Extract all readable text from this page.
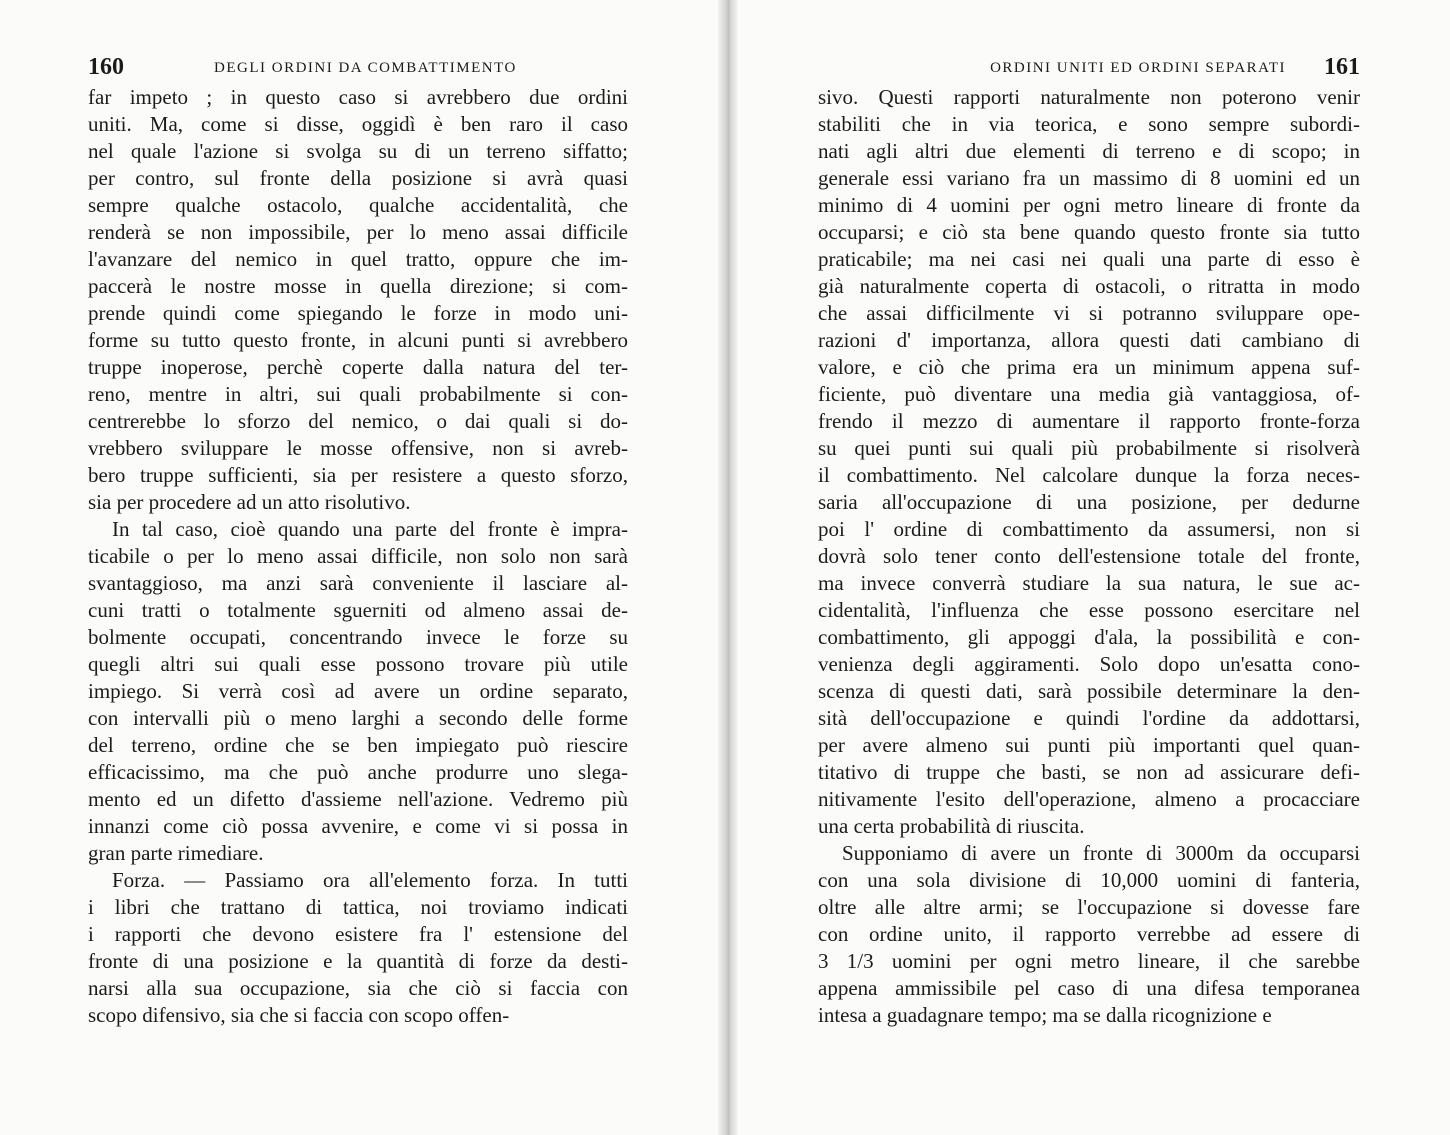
160	DEGLI ORDINI DA COMBATTIMENTO
far impeto ; in questo caso si avrebbero due ordini
uniti. Ma, come si disse, oggidì è ben raro il caso
nel quale l'azione si svolga su di un terreno siffatto;
per contro, sul fronte della posizione si avrà quasi
sempre qualche ostacolo, qualche accidentalità, che
renderà se non impossibile, per lo meno assai difficile
l'avanzare del nemico in quel tratto, oppure che im-
paccerà le nostre mosse in quella direzione; si com-
prende quindi come spiegando le forze in modo uni-
forme su tutto questo fronte, in alcuni punti si avrebbero
truppe inoperose, perchè coperte dalla natura del ter-
reno, mentre in altri, sui quali probabilmente si con-
centrerebbe lo sforzo del nemico, o dai quali si do-
vrebbero sviluppare le mosse offensive, non si avreb-
bero truppe sufficienti, sia per resistere a questo sforzo,
sia per procedere ad un atto risolutivo.
In tal caso, cioè quando una parte del fronte è impra-
ticabile o per lo meno assai difficile, non solo non sarà
svantaggioso, ma anzi sarà conveniente il lasciare al-
cuni tratti o totalmente sguerniti od almeno assai de-
bolmente occupati, concentrando invece le forze su
quegli altri sui quali esse possono trovare più utile
impiego. Si verrà così ad avere un ordine separato,
con intervalli più o meno larghi a secondo delle forme
del terreno, ordine che se ben impiegato può riescire
efficacissimo, ma che può anche produrre uno slega-
mento ed un difetto d'assieme nell'azione. Vedremo più
innanzi come ciò possa avvenire, e come vi si possa in
gran parte rimediare.
Forza. — Passiamo ora all'elemento forza. In tutti
i libri che trattano di tattica, noi troviamo indicati
i rapporti che devono esistere fra l' estensione del
fronte di una posizione e la quantità di forze da desti-
narsi alla sua occupazione, sia che ciò si faccia con
scopo difensivo, sia che si faccia con scopo offen-
ORDINI UNITI ED ORDINI SEPARATI 161
sivo. Questi rapporti naturalmente non poterono venir
stabiliti che in via teorica, e sono sempre subordi-
nati agli altri due elementi di terreno e di scopo; in
generale essi variano fra un massimo di 8 uomini ed un
minimo di 4 uomini per ogni metro lineare di fronte da
occuparsi; e ciò sta bene quando questo fronte sia tutto
praticabile; ma nei casi nei quali una parte di esso è
già naturalmente coperta di ostacoli, o ritratta in modo
che assai difficilmente vi si potranno sviluppare ope-
razioni d' importanza, allora questi dati cambiano di
valore, e ciò che prima era un minimum appena suf-
ficiente, può diventare una media già vantaggiosa, of-
frendo il mezzo di aumentare il rapporto fronte-forza
su quei punti sui quali più probabilmente si risolverà
il combattimento. Nel calcolare dunque la forza neces-
saria all'occupazione di una posizione, per dedurne
poi l' ordine di combattimento da assumersi, non si
dovrà solo tener conto dell'estensione totale del fronte,
ma invece converrà studiare la sua natura, le sue ac-
cidentalità, l'influenza che esse possono esercitare nel
combattimento, gli appoggi d'ala, la possibilità e con-
venienza degli aggiramenti. Solo dopo un'esatta cono-
scenza di questi dati, sarà possibile determinare la den-
sità dell'occupazione e quindi l'ordine da addottarsi,
per avere almeno sui punti più importanti quel quan-
titativo di truppe che basti, se non ad assicurare defi-
nitivamente l'esito dell'operazione, almeno a procacciare
una certa probabilità di riuscita.
Supponiamo di avere un fronte di 3000m da occuparsi
con una sola divisione di 10,000 uomini di fanteria,
oltre alle altre armi; se l'occupazione si dovesse fare
con ordine unito, il rapporto verrebbe ad essere di
3 1/3 uomini per ogni metro lineare, il che sarebbe
appena ammissibile pel caso di una difesa temporanea
intesa a guadagnare tempo; ma se dalla ricognizione e
